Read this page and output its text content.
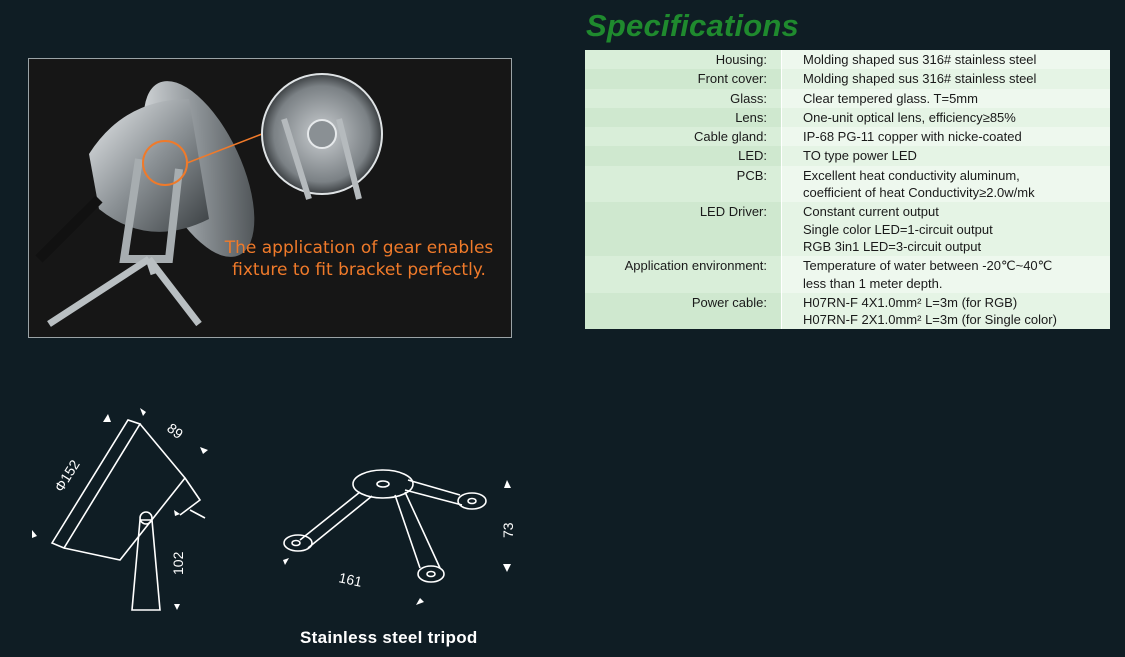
The application of gear enables
fixture to fit bracket perfectly.
Specifications
Housing:	Molding shaped sus 316# stainless steel

Front cover:	Molding shaped sus 316# stainless steel

Glass:	Clear tempered glass. T=5mm

Lens:	One-unit optical lens, efficiency≥85%

Cable gland:	IP-68 PG-11 copper with nicke-coated

LED:	TO type power LED

PCB:	Excellent heat conductivity aluminum,
coefficient of heat Conductivity≥2.0w/mk

LED Driver:	Constant current output
Single color LED=1-circuit output
RGB 3in1 LED=3-circuit output

Application environment:	Temperature of water between -20℃~40℃
less than 1 meter depth.

Power cable:	H07RN-F 4X1.0mm² L=3m (for RGB)
H07RN-F 2X1.0mm² L=3m (for Single color)
Φ152
89
102
161
73
Stainless steel tripod
